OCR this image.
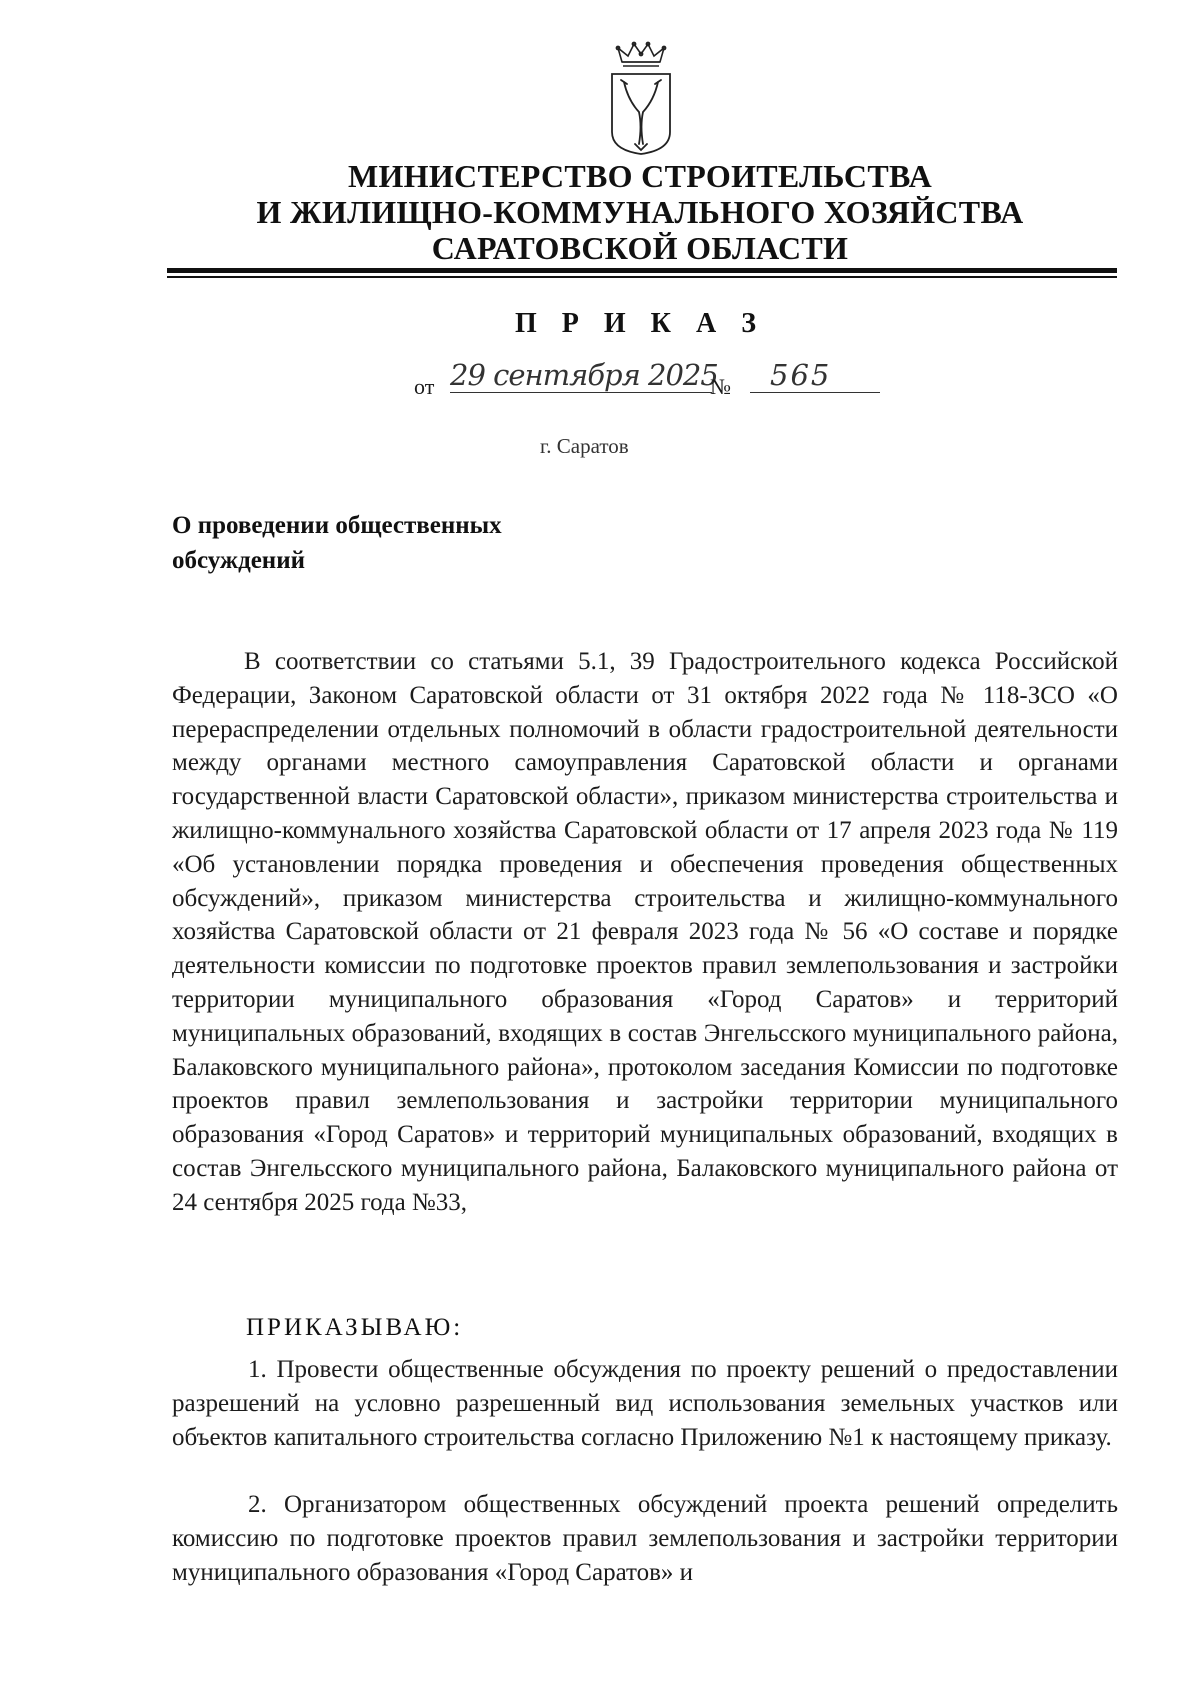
МИНИСТЕРСТВО СТРОИТЕЛЬСТВА
И ЖИЛИЩНО-КОММУНАЛЬНОГО ХОЗЯЙСТВА
САРАТОВСКОЙ ОБЛАСТИ
П Р И К А З
от 29 сентября 2025
№	565
г. Саратов
О проведении общественных
обсуждений
В соответствии со статьями 5.1, 39 Градостроительного кодекса Российской Федерации, Законом Саратовской области от 31 октября 2022 года № 118-ЗСО «О перераспределении отдельных полномочий в области градостроительной деятельности между органами местного самоуправления Саратовской области и органами государственной власти Саратовской области», приказом министерства строительства и жилищно-коммунального хозяйства Саратовской области от 17 апреля 2023 года № 119 «Об установлении порядка проведения и обеспечения проведения общественных обсуждений», приказом министерства строительства и жилищно-коммунального хозяйства Саратовской области от 21 февраля 2023 года № 56 «О составе и порядке деятельности комиссии по подготовке проектов правил землепользования и застройки территории муниципального образования «Город Саратов» и территорий муниципальных образований, входящих в состав Энгельсского муниципального района, Балаковского муниципального района», протоколом заседания Комиссии по подготовке проектов правил землепользования и застройки территории муниципального образования «Город Саратов» и территорий муниципальных образований, входящих в состав Энгельсского муниципального района, Балаковского муниципального района от 24 сентября 2025 года №33,
ПРИКАЗЫВАЮ:
1. Провести общественные обсуждения по проекту решений о предоставлении разрешений на условно разрешенный вид использования земельных участков или объектов капитального строительства согласно Приложению №1 к настоящему приказу.
2. Организатором общественных обсуждений проекта решений определить комиссию по подготовке проектов правил землепользования и застройки территории муниципального образования «Город Саратов» и
